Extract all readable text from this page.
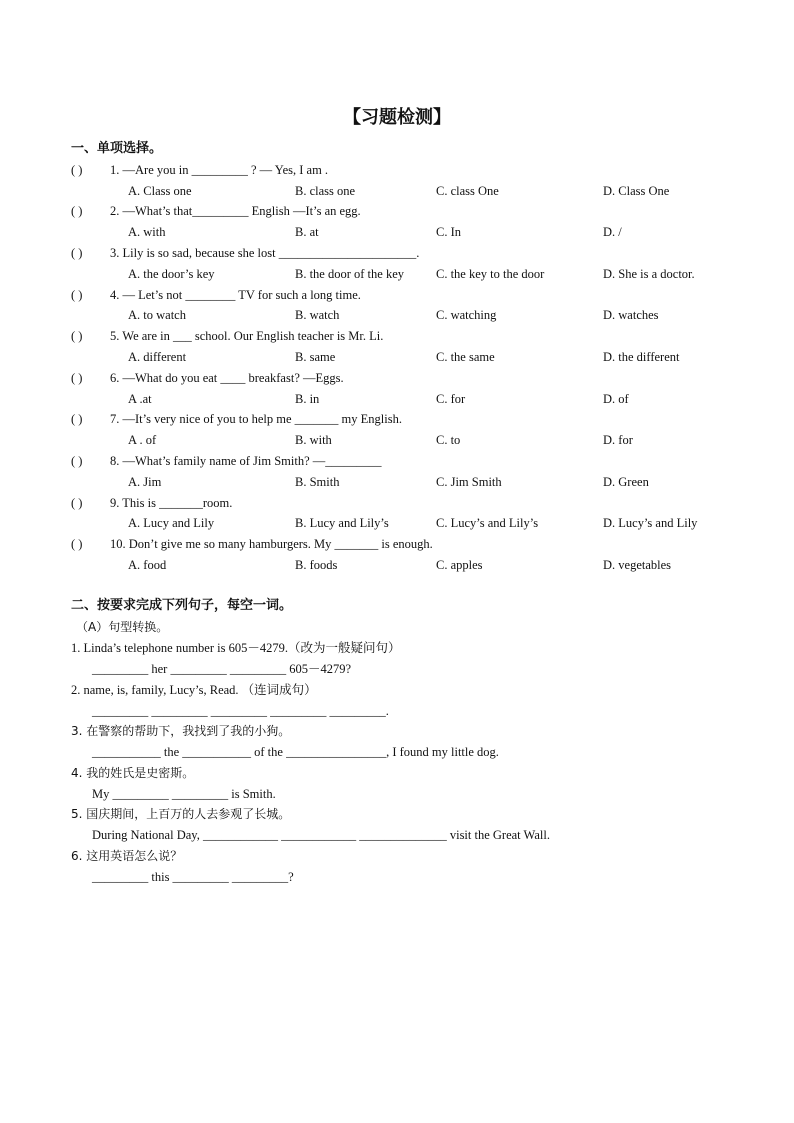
【习题检测】
一、单项选择。
( ) 1. —Are you in _________ ? — Yes, I am .
A. Class one	B. class one	C. class One	D. Class One
( ) 2. —What’s that_________ English —It’s an egg.
A. with	B. at	C. In	D. /
( ) 3. Lily is so sad, because she lost ______________________.
A. the door’s key	B. the door of the key	C. the key to the door	D. She is a doctor.
( ) 4. — Let’s not ________ TV for such a long time.
A. to watch	B. watch	C. watching	D. watches
( ) 5. We are in ___ school. Our English teacher is Mr. Li.
A. different	B. same	C. the same	D. the different
( ) 6. —What do you eat ____ breakfast? —Eggs.
A .at	B. in	C. for	D. of
( ) 7. —It’s very nice of you to help me _______ my English.
A . of	B. with	C. to	D. for
( ) 8. —What’s family name of Jim Smith? —_________
A. Jim	B. Smith	C. Jim Smith	D. Green
( ) 9. This is _______room.
A. Lucy and Lily	B. Lucy and Lily’s	C. Lucy’s and Lily’s	D. Lucy’s and Lily
( ) 10. Don’t give me so many hamburgers. My _______ is enough.
A. food	B. foods	C. apples	D. vegetables
二、按要求完成下列句子，每空一词。
（A）句型转换。
1. Linda’s telephone number is 605－4279.（改为一般疑问句）
_________ her _________ _________ 605－4279?
2. name, is, family, Lucy’s, Read. （连词成句）
_________ _________ _________ _________ _________.
3. 在警察的帮助下，我找到了我的小狗。
___________ the ___________ of the ________________, I found my little dog.
4. 我的姓氏是史密斯。
My _________ _________ is Smith.
5. 国庆期间，上百万的人去参观了长城。
During National Day, ____________ ____________ ______________ visit the Great Wall.
6. 这用英语怎么说？
_________ this _________ _________?
